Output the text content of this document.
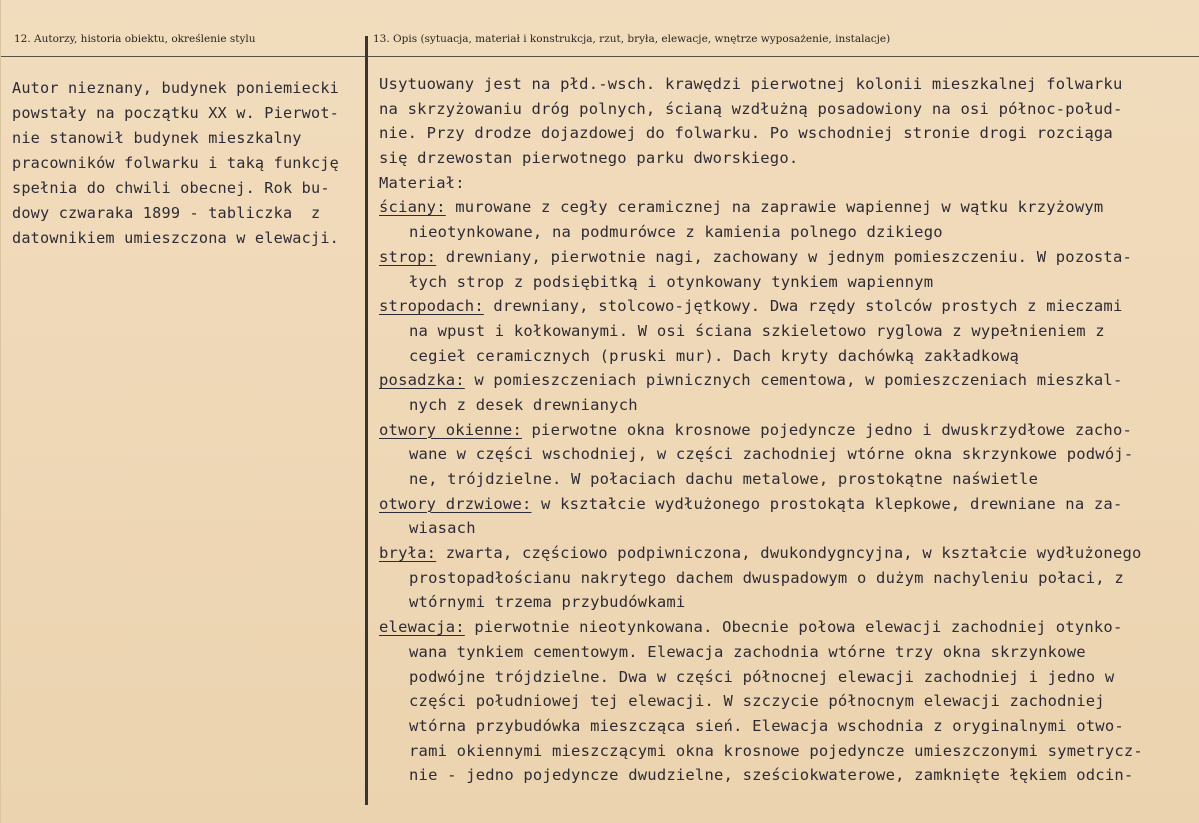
12. Autorzy, historia obiektu, określenie stylu	13. Opis (sytuacja, materiał i konstrukcja, rzut, bryła, elewacje, wnętrze wyposażenie, instalacje)
Autor nieznany, budynek poniemiecki
powstały na początku XX w. Pierwot-
nie stanowił budynek mieszkalny
pracowników folwarku i taką funkcję
spełnia do chwili obecnej. Rok bu-
dowy czwaraka 1899 - tabliczka  z
datownikiem umieszczona w elewacji.
Usytuowany jest na płd.-wsch. krawędzi pierwotnej kolonii mieszkalnej folwarku
na skrzyżowaniu dróg polnych, ścianą wzdłużną posadowiony na osi północ-połud-
nie. Przy drodze dojazdowej do folwarku. Po wschodniej stronie drogi rozciąga
się drzewostan pierwotnego parku dworskiego.
Materiał:
ściany: murowane z cegły ceramicznej na zaprawie wapiennej w wątku krzyżowym
nieotynkowane, na podmurówce z kamienia polnego dzikiego
strop: drewniany, pierwotnie nagi, zachowany w jednym pomieszczeniu. W pozosta-
łych strop z podsiębitką i otynkowany tynkiem wapiennym
stropodach: drewniany, stolcowo-jętkowy. Dwa rzędy stolców prostych z mieczami
na wpust i kołkowanymi. W osi ściana szkieletowo ryglowa z wypełnieniem z
cegieł ceramicznych (pruski mur). Dach kryty dachówką zakładkową
posadzka: w pomieszczeniach piwnicznych cementowa, w pomieszczeniach mieszkal-
nych z desek drewnianych
otwory okienne: pierwotne okna krosnowe pojedyncze jedno i dwuskrzydłowe zacho-
wane w części wschodniej, w części zachodniej wtórne okna skrzynkowe podwój-
ne, trójdzielne. W połaciach dachu metalowe, prostokątne naświetle
otwory drzwiowe: w kształcie wydłużonego prostokąta klepkowe, drewniane na za-
wiasach
bryła: zwarta, częściowo podpiwniczona, dwukondygncyjna, w kształcie wydłużonego
prostopadłościanu nakrytego dachem dwuspadowym o dużym nachyleniu połaci, z
wtórnymi trzema przybudówkami
elewacja: pierwotnie nieotynkowana. Obecnie połowa elewacji zachodniej otynko-
wana tynkiem cementowym. Elewacja zachodnia wtórne trzy okna skrzynkowe
podwójne trójdzielne. Dwa w części północnej elewacji zachodniej i jedno w
części południowej tej elewacji. W szczycie północnym elewacji zachodniej
wtórna przybudówka mieszcząca sień. Elewacja wschodnia z oryginalnymi otwo-
rami okiennymi mieszczącymi okna krosnowe pojedyncze umieszczonymi symetrycz-
nie - jedno pojedyncze dwudzielne, sześciokwaterowe, zamknięte łękiem odcin-
